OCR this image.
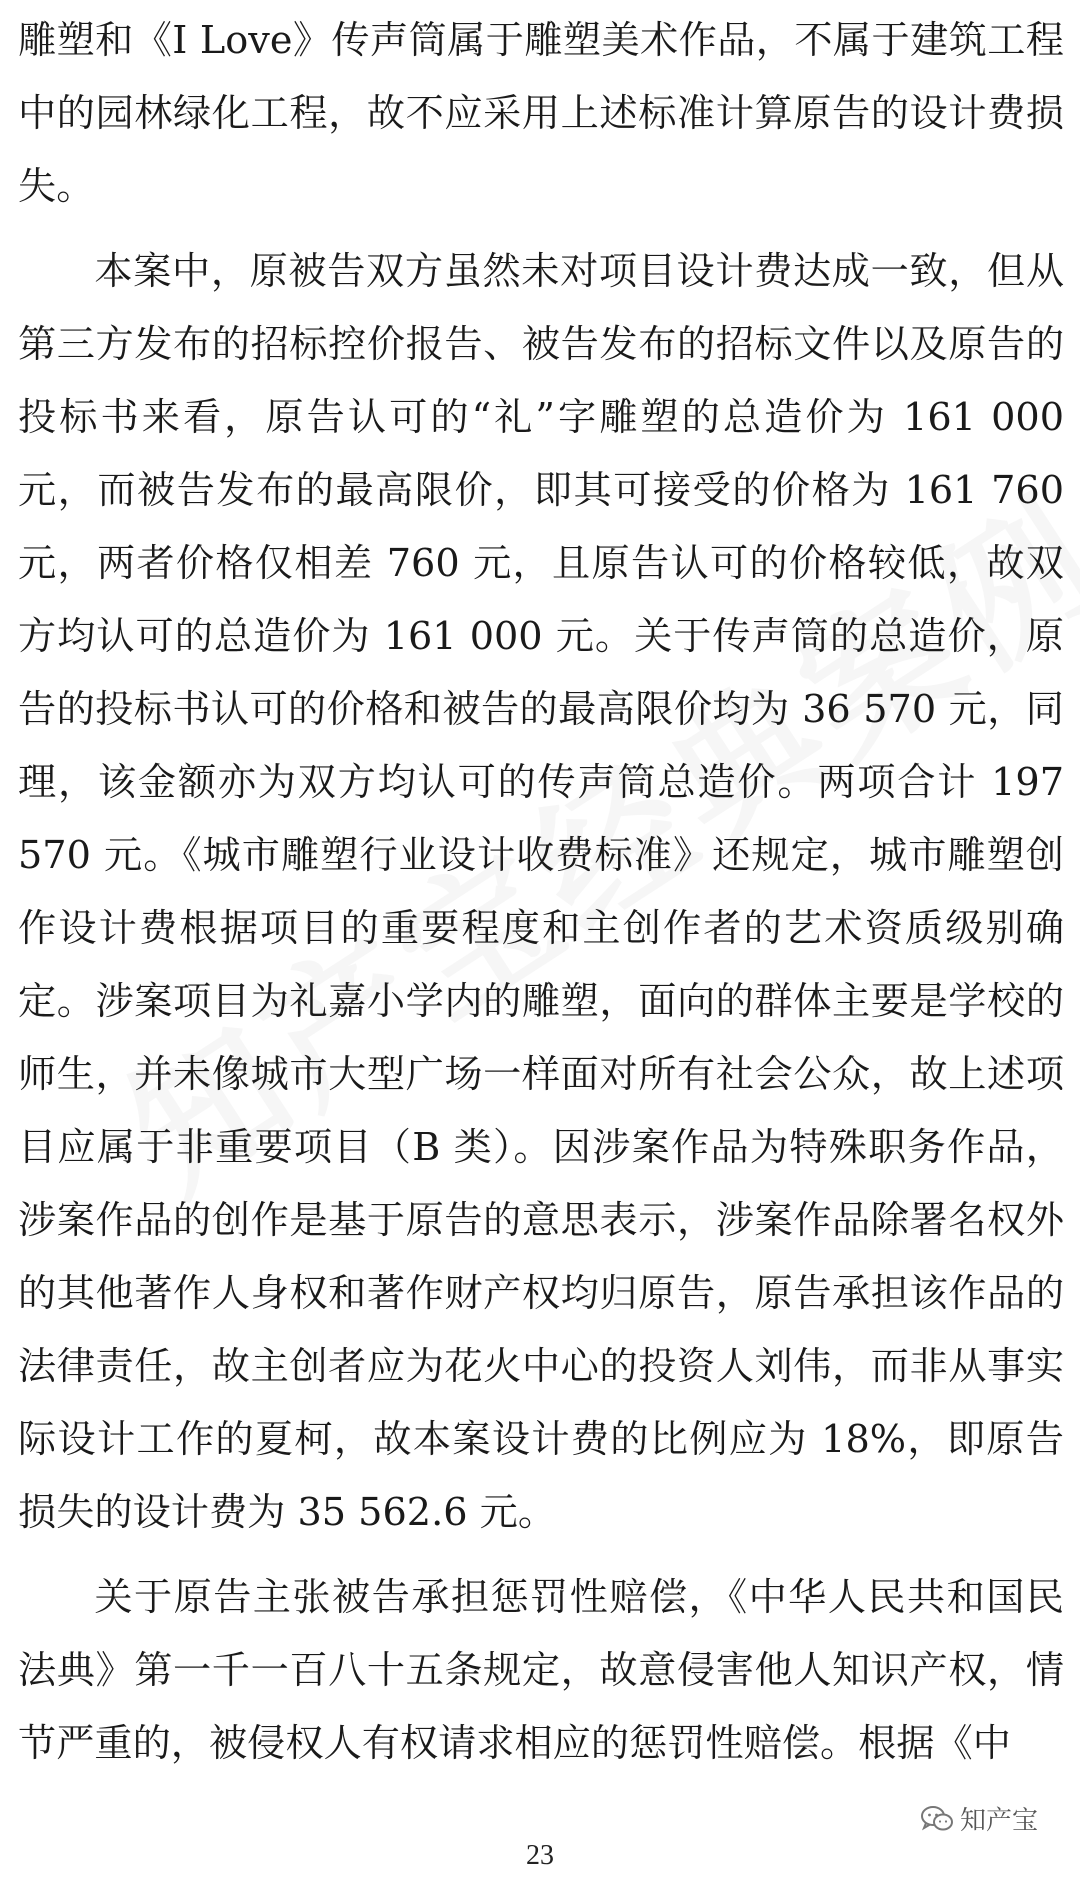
雕塑和《I Love》传声筒属于雕塑美术作品，不属于建筑工程中的园林绿化工程，故不应采用上述标准计算原告的设计费损失。

本案中，原被告双方虽然未对项目设计费达成一致，但从第三方发布的招标控价报告、被告发布的招标文件以及原告的投标书来看，原告认可的“礼”字雕塑的总造价为 161 000 元，而被告发布的最高限价，即其可接受的价格为 161 760 元，两者价格仅相差 760 元，且原告认可的价格较低，故双方均认可的总造价为 161 000 元。关于传声筒的总造价，原告的投标书认可的价格和被告的最高限价均为 36 570 元，同理，该金额亦为双方均认可的传声筒总造价。两项合计 197 570 元。《城市雕塑行业设计收费标准》还规定，城市雕塑创作设计费根据项目的重要程度和主创作者的艺术资质级别确定。涉案项目为礼嘉小学内的雕塑，面向的群体主要是学校的师生，并未像城市大型广场一样面对所有社会公众，故上述项目应属于非重要项目（B 类）。因涉案作品为特殊职务作品，涉案作品的创作是基于原告的意思表示，涉案作品除署名权外的其他著作人身权和著作财产权均归原告，原告承担该作品的法律责任，故主创者应为花火中心的投资人刘伟，而非从事实际设计工作的夏柯，故本案设计费的比例应为 18%，即原告损失的设计费为 35 562.6 元。

关于原告主张被告承担惩罚性赔偿，《中华人民共和国民法典》第一千一百八十五条规定，故意侵害他人知识产权，情节严重的，被侵权人有权请求相应的惩罚性赔偿。根据《中

知产宝
23
